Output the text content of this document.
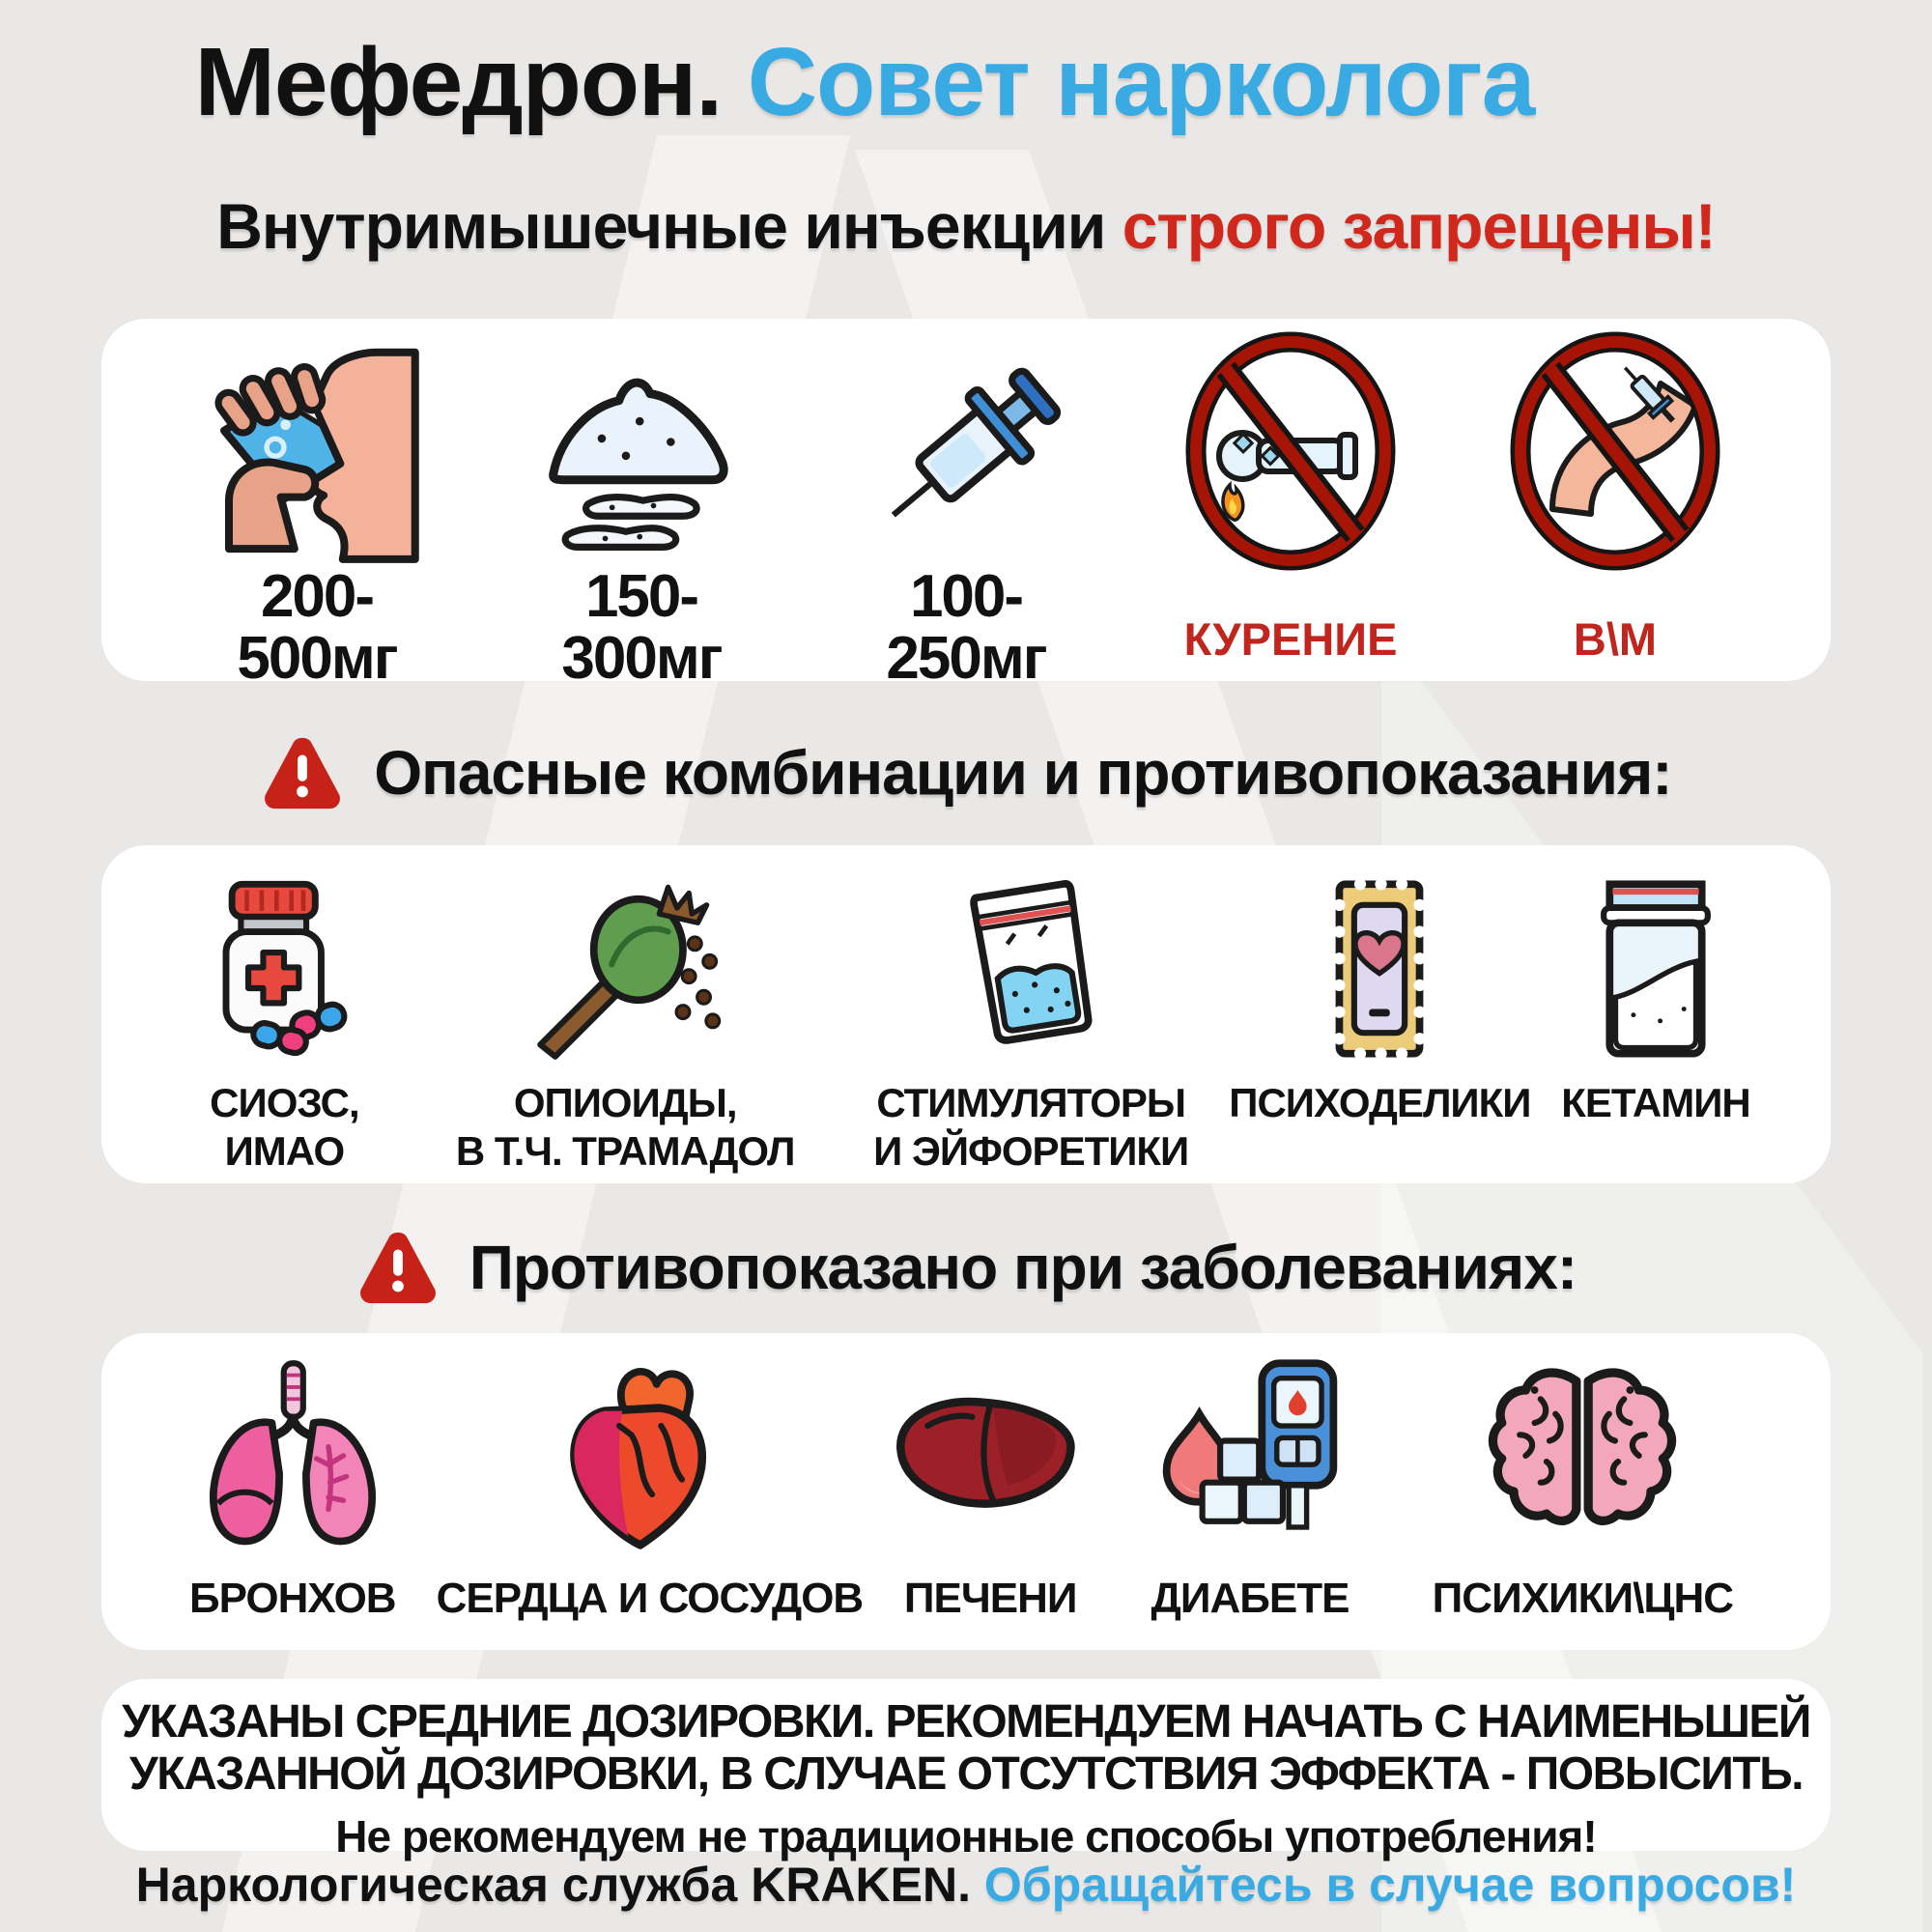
Мефедрон. Совет нарколога
Внутримышечные инъекции строго запрещены!
200-
500мг
150-
300мг
100-
250мг	КУРЕНИЕ	В\М
Опасные комбинации и противопоказания:
СИОЗС,
ИМАО
ОПИОИДЫ,
В Т.Ч. ТРАМАДОЛ
СТИМУЛЯТОРЫ
И ЭЙФОРЕТИКИ
ПСИХОДЕЛИКИ КЕТАМИН
Противопоказано при заболеваниях:
БРОНХОВ СЕРДЦА И СОСУДОВ ПЕЧЕНИ ДИАБЕТЕ ПСИХИКИ\ЦНС
УКАЗАНЫ СРЕДНИЕ ДОЗИРОВКИ. РЕКОМЕНДУЕМ НАЧАТЬ С НАИМЕНЬШЕЙ
УКАЗАННОЙ ДОЗИРОВКИ, В СЛУЧАЕ ОТСУТСТВИЯ ЭФФЕКТА - ПОВЫСИТЬ.
Не рекомендуем не традиционные способы употребления!
Наркологическая служба KRAKEN. Обращайтесь в случае вопросов!
